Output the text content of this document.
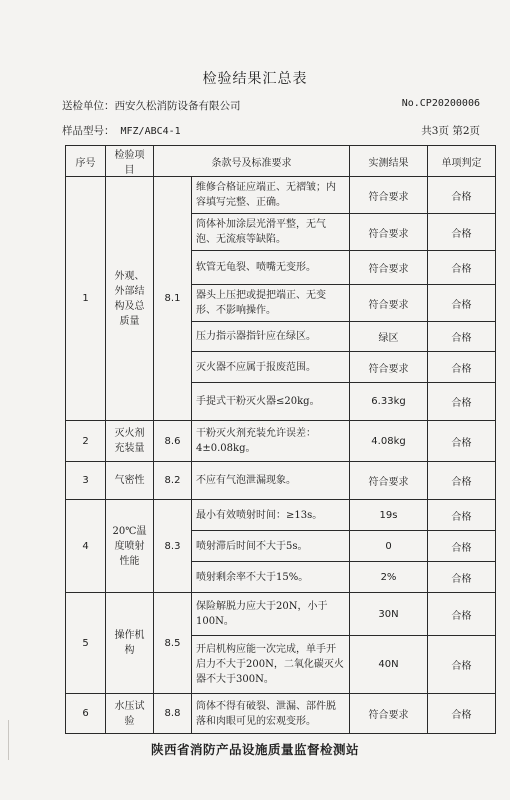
检验结果汇总表
送检单位：西安久松消防设备有限公司	No.CP20200006
样品型号： MFZ/ABC4-1	共3页 第2页
序号	检验项目	条款号及标准要求		实测结果	单项判定
1	外观、外部结构及总质量	8.1	维修合格证应端正、无褶皱；内容填写完整、正确。	符合要求	合格
			筒体补加涂层光滑平整，无气泡、无流痕等缺陷。	符合要求	合格
			软管无龟裂、喷嘴无变形。	符合要求	合格
			器头上压把或提把端正、无变形、不影响操作。	符合要求	合格
			压力指示器指针应在绿区。	绿区	合格
			灭火器不应属于报废范围。	符合要求	合格
			手提式干粉灭火器≤20kg。	6.33kg	合格
2	灭火剂充装量	8.6	干粉灭火剂充装允许误差：4±0.08kg。	4.08kg	合格
3	气密性	8.2	不应有气泡泄漏现象。	符合要求	合格
4	20℃温度喷射性能	8.3	最小有效喷射时间：≥13s。	19s	合格
			喷射滞后时间不大于5s。	0	合格
			喷射剩余率不大于15%。	2%	合格
5	操作机构	8.5	保险解脱力应大于20N，小于100N。	30N	合格
			开启机构应能一次完成，单手开启力不大于200N，二氧化碳灭火器不大于300N。	40N	合格
6	水压试验	8.8	筒体不得有破裂、泄漏、部件脱落和肉眼可见的宏观变形。	符合要求	合格
陕西省消防产品设施质量监督检测站
